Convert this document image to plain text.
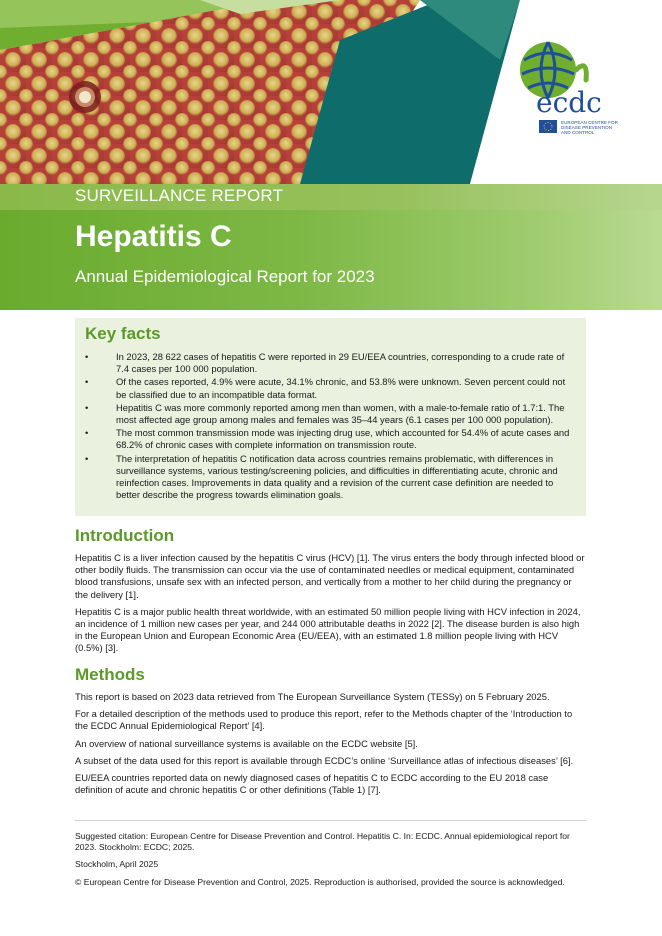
ecdc
EUROPEAN CENTRE FOR
DISEASE PREVENTION
AND CONTROL
SURVEILLANCE REPORT
Hepatitis C
Annual Epidemiological Report for 2023
Key facts
•	In 2023, 28 622 cases of hepatitis C were reported in 29 EU/EEA countries, corresponding to a crude rate of 7.4 cases per 100 000 population.
•	Of the cases reported, 4.9% were acute, 34.1% chronic, and 53.8% were unknown. Seven percent could not be classified due to an incompatible data format.
•	Hepatitis C was more commonly reported among men than women, with a male-to-female ratio of 1.7:1. The most affected age group among males and females was 35–44 years (6.1 cases per 100 000 population).
•	The most common transmission mode was injecting drug use, which accounted for 54.4% of acute cases and 68.2% of chronic cases with complete information on transmission route.
•	The interpretation of hepatitis C notification data across countries remains problematic, with differences in surveillance systems, various testing/screening policies, and difficulties in differentiating acute, chronic and reinfection cases. Improvements in data quality and a revision of the current case definition are needed to better describe the progress towards elimination goals.
Introduction

Hepatitis C is a liver infection caused by the hepatitis C virus (HCV) [1]. The virus enters the body through infected blood or other bodily fluids. The transmission can occur via the use of contaminated needles or medical equipment, contaminated blood transfusions, unsafe sex with an infected person, and vertically from a mother to her child during the pregnancy or the delivery [1].

Hepatitis C is a major public health threat worldwide, with an estimated 50 million people living with HCV infection in 2024, an incidence of 1 million new cases per year, and 244 000 attributable deaths in 2022 [2]. The disease burden is also high in the European Union and European Economic Area (EU/EEA), with an estimated 1.8 million people living with HCV (0.5%) [3].

Methods

This report is based on 2023 data retrieved from The European Surveillance System (TESSy) on 5 February 2025.

For a detailed description of the methods used to produce this report, refer to the Methods chapter of the ‘Introduction to the ECDC Annual Epidemiological Report’ [4].

An overview of national surveillance systems is available on the ECDC website [5].

A subset of the data used for this report is available through ECDC’s online ‘Surveillance atlas of infectious diseases’ [6].

EU/EEA countries reported data on newly diagnosed cases of hepatitis C to ECDC according to the EU 2018 case definition of acute and chronic hepatitis C or other definitions (Table 1) [7].

Suggested citation: European Centre for Disease Prevention and Control. Hepatitis C. In: ECDC. Annual epidemiological report for 2023. Stockholm: ECDC; 2025.

Stockholm, April 2025

© European Centre for Disease Prevention and Control, 2025. Reproduction is authorised, provided the source is acknowledged.
